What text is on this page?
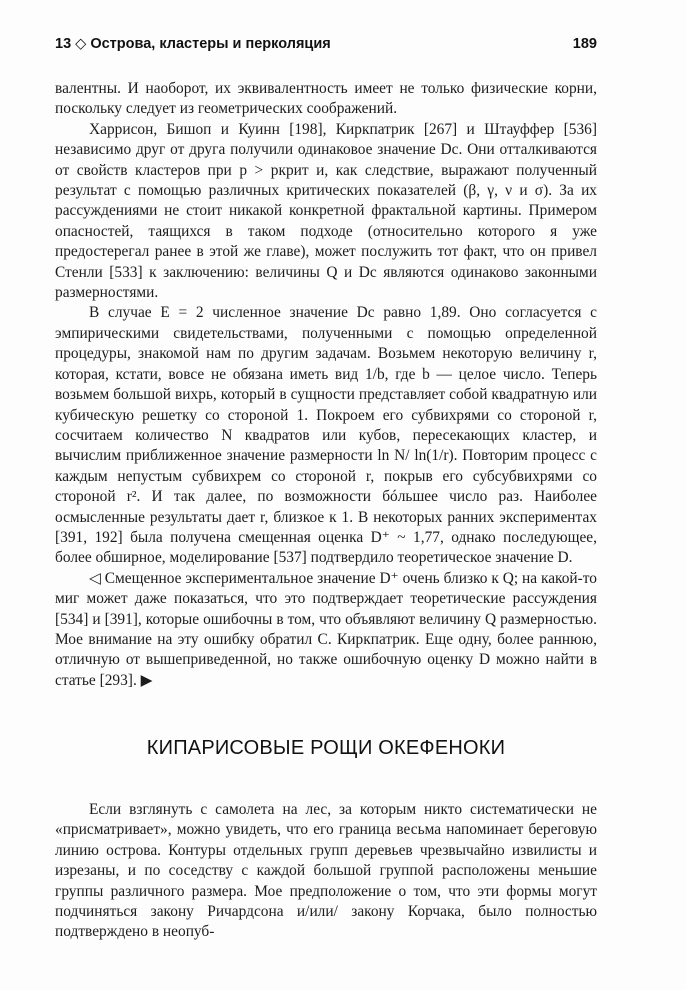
13 ◇ Острова, кластеры и перколяция	189

валентны. И наоборот, их эквивалентность имеет не только физические корни, поскольку следует из геометрических соображений.

Харрисон, Бишоп и Куинн [198], Киркпатрик [267] и Штауффер [536] независимо друг от друга получили одинаковое значение Dc. Они отталкиваются от свойств кластеров при p > pкрит и, как следствие, выражают полученный результат с помощью различных критических показателей (β, γ, ν и σ). За их рассуждениями не стоит никакой конкретной фрактальной картины. Примером опасностей, таящихся в таком подходе (относительно которого я уже предостерегал ранее в этой же главе), может послужить тот факт, что он привел Стенли [533] к заключению: величины Q и Dc являются одинаково законными размерностями.

В случае E = 2 численное значение Dc равно 1,89. Оно согласуется с эмпирическими свидетельствами, полученными с помощью определенной процедуры, знакомой нам по другим задачам. Возьмем некоторую величину r, которая, кстати, вовсе не обязана иметь вид 1/b, где b — целое число. Теперь возьмем большой вихрь, который в сущности представляет собой квадратную или кубическую решетку со стороной 1. Покроем его субвихрями со стороной r, сосчитаем количество N квадратов или кубов, пересекающих кластер, и вычислим приближенное значение размерности ln N/ ln(1/r). Повторим процесс с каждым непустым субвихрем со стороной r, покрыв его субсубвихрями со стороной r². И так далее, по возможности бóльшее число раз. Наиболее осмысленные результаты дает r, близкое к 1. В некоторых ранних экспериментах [391, 192] была получена смещенная оценка D⁺ ~ 1,77, однако последующее, более обширное, моделирование [537] подтвердило теоретическое значение D.

◁ Смещенное экспериментальное значение D⁺ очень близко к Q; на какой-то миг может даже показаться, что это подтверждает теоретические рассуждения [534] и [391], которые ошибочны в том, что объявляют величину Q размерностью. Мое внимание на эту ошибку обратил С. Киркпатрик. Еще одну, более раннюю, отличную от вышеприведенной, но также ошибочную оценку D можно найти в статье [293]. ▶

КИПАРИСОВЫЕ РОЩИ ОКЕФЕНОКИ

Если взглянуть с самолета на лес, за которым никто систематически не «присматривает», можно увидеть, что его граница весьма напоминает береговую линию острова. Контуры отдельных групп деревьев чрезвычайно извилисты и изрезаны, и по соседству с каждой большой группой расположены меньшие группы различного размера. Мое предположение о том, что эти формы могут подчиняться закону Ричардсона и/или/ закону Корчака, было полностью подтверждено в неопуб-
